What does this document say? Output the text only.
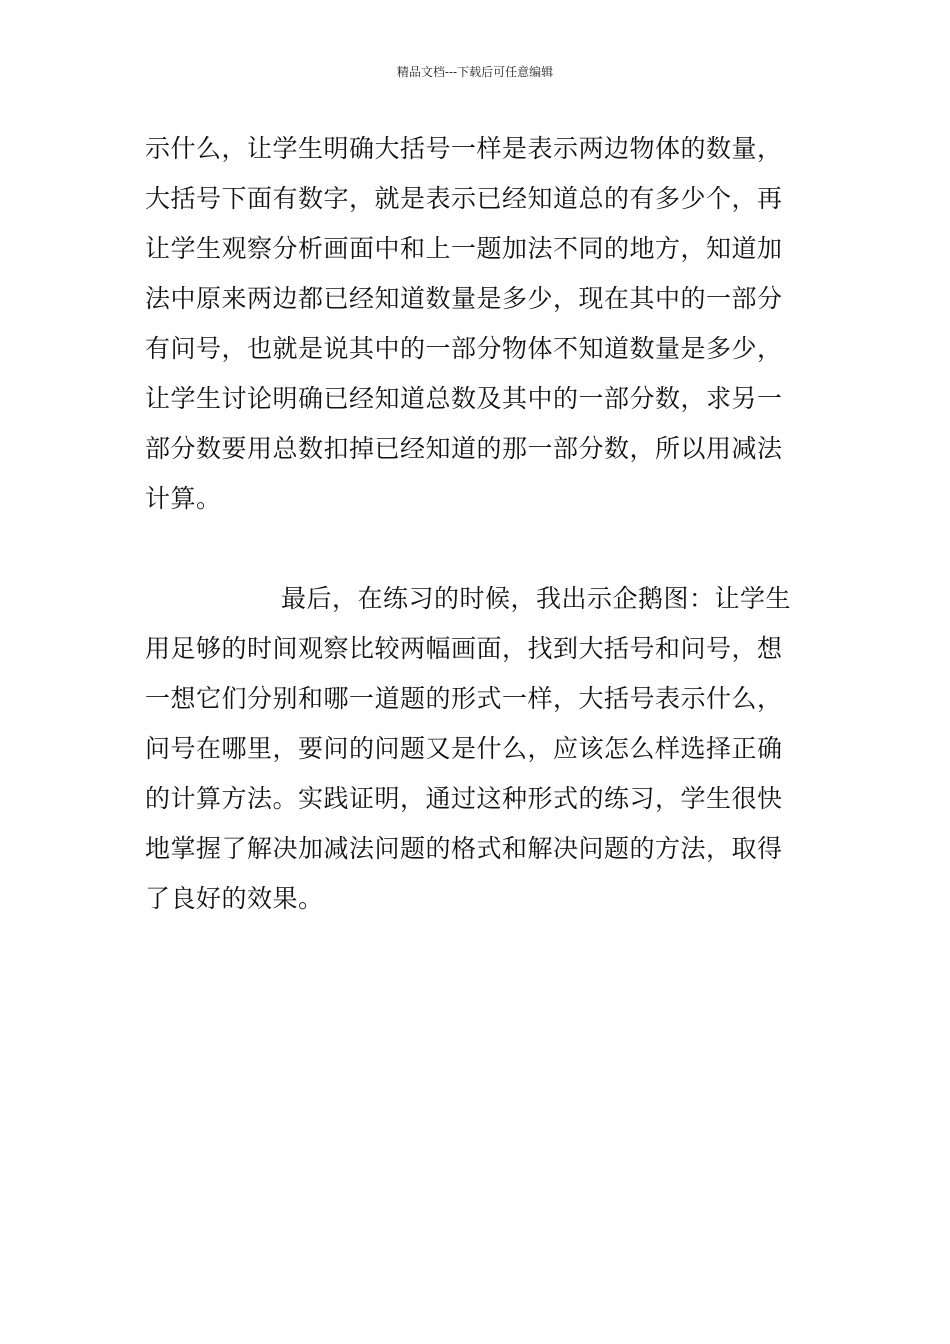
精品文档---下载后可任意编辑
示什么，让学生明确大括号一样是表示两边物体的数量，
大括号下面有数字，就是表示已经知道总的有多少个，再
让学生观察分析画面中和上一题加法不同的地方，知道加
法中原来两边都已经知道数量是多少，现在其中的一部分
有问号，也就是说其中的一部分物体不知道数量是多少，
让学生讨论明确已经知道总数及其中的一部分数，求另一
部分数要用总数扣掉已经知道的那一部分数，所以用减法
计算。
最后，在练习的时候，我出示企鹅图：让学生
用足够的时间观察比较两幅画面，找到大括号和问号，想
一想它们分别和哪一道题的形式一样，大括号表示什么，
问号在哪里，要问的问题又是什么，应该怎么样选择正确
的计算方法。实践证明，通过这种形式的练习，学生很快
地掌握了解决加减法问题的格式和解决问题的方法，取得
了良好的效果。
